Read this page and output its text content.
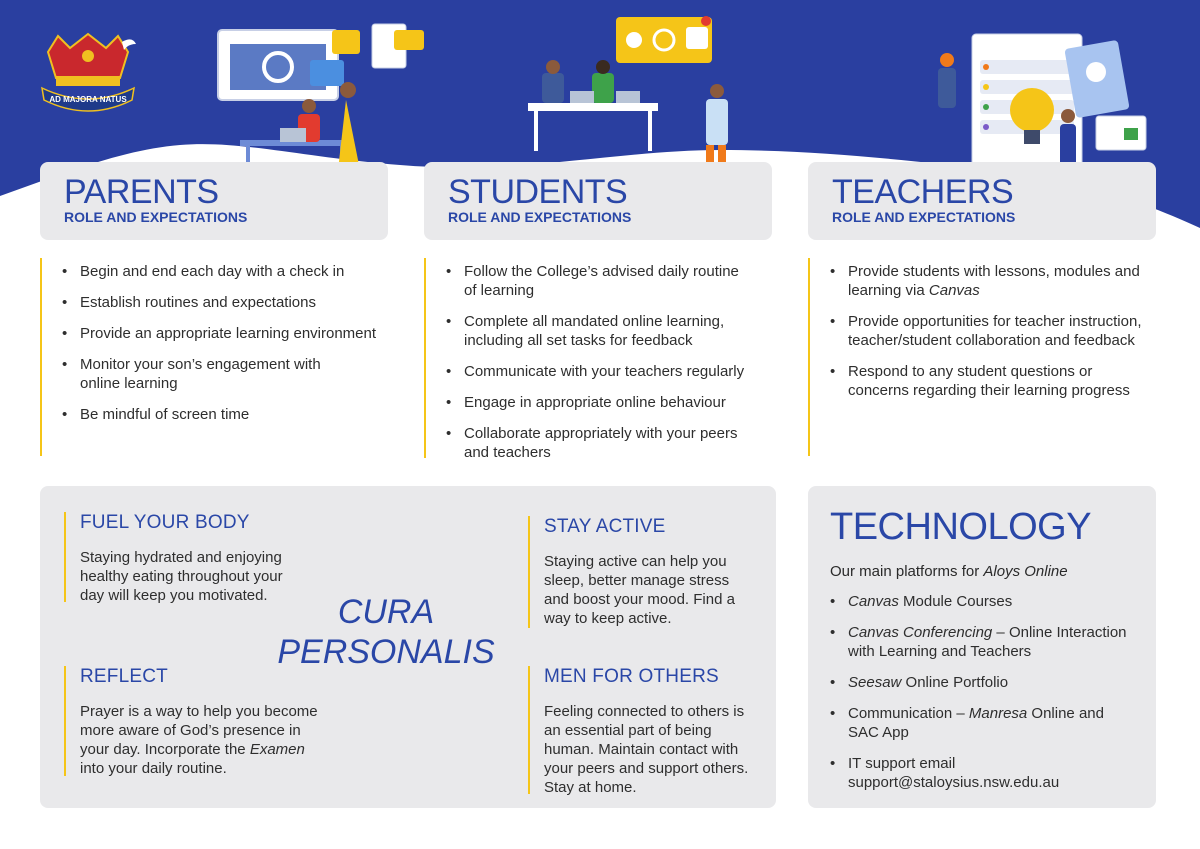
AD MAJORA NATUS
PARENTS
ROLE AND EXPECTATIONS
• Begin and end each day with a check in
• Establish routines and expectations
• Provide an appropriate learning environment
• Monitor your son’s engagement with online learning
• Be mindful of screen time
STUDENTS
ROLE AND EXPECTATIONS
• Follow the College’s advised daily routine of learning
• Complete all mandated online learning, including all set tasks for feedback
• Communicate with your teachers regularly
• Engage in appropriate online behaviour
• Collaborate appropriately with your peers and teachers
TEACHERS
ROLE AND EXPECTATIONS
• Provide students with lessons, modules and learning via Canvas
• Provide opportunities for teacher instruction, teacher/student collaboration and feedback
• Respond to any student questions or concerns regarding their learning progress
FUEL YOUR BODY
Staying hydrated and enjoying healthy eating throughout your day will keep you motivated.
STAY ACTIVE
Staying active can help you sleep, better manage stress and boost your mood. Find a way to keep active.
REFLECT
Prayer is a way to help you become more aware of God’s presence in your day. Incorporate the Examen into your daily routine.
MEN FOR OTHERS
Feeling connected to others is an essential part of being human. Maintain contact with your peers and support others. Stay at home.
CURA
PERSONALIS
TECHNOLOGY
Our main platforms for Aloys Online
• Canvas Module Courses
• Canvas Conferencing – Online Interaction with Learning and Teachers
• Seesaw Online Portfolio
• Communication – Manresa Online and SAC App
• IT support email support@staloysius.nsw.edu.au
